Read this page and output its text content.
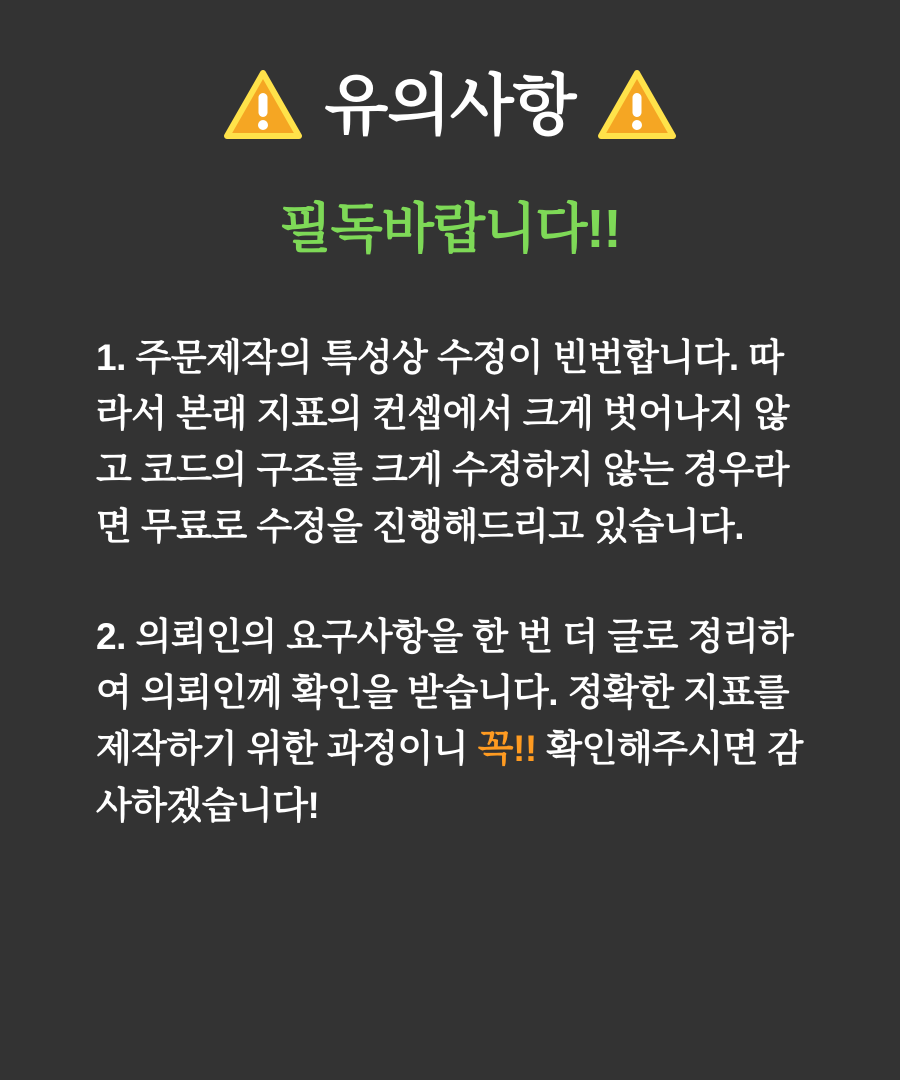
유의사항
필독바랍니다!!

1. 주문제작의 특성상 수정이 빈번합니다. 따라서 본래 지표의 컨셉에서 크게 벗어나지 않고 코드의 구조를 크게 수정하지 않는 경우라면 무료로 수정을 진행해드리고 있습니다.

2. 의뢰인의 요구사항을 한 번 더 글로 정리하여 의뢰인께 확인을 받습니다. 정확한 지표를 제작하기 위한 과정이니 꼭!! 확인해주시면 감사하겠습니다!
